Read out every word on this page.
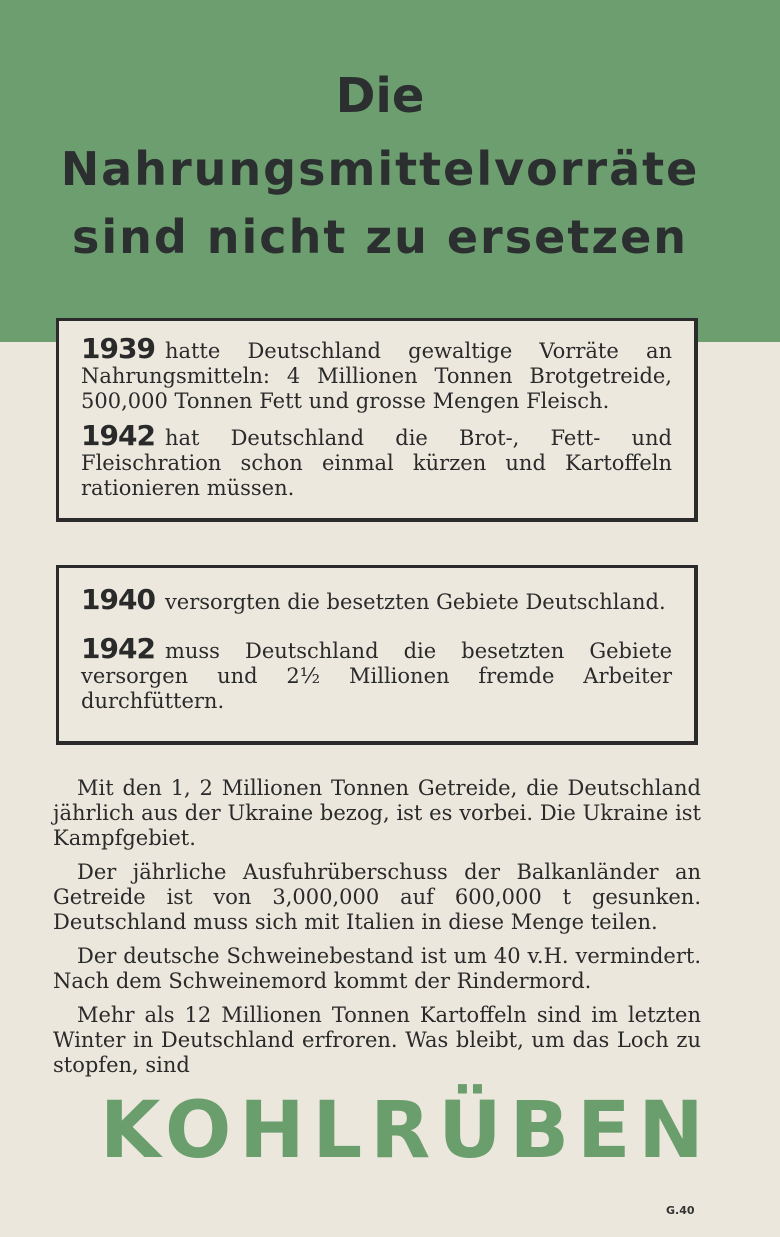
Die
Nahrungsmittelvorräte
sind nicht zu ersetzen

1939 hatte Deutschland gewaltige Vorräte an Nahrungsmitteln: 4 Millionen Tonnen Brotgetreide, 500,000 Tonnen Fett und grosse Mengen Fleisch.

1942 hat Deutschland die Brot-, Fett- und Fleischration schon einmal kürzen und Kartoffeln rationieren müssen.

1940 versorgten die besetzten Gebiete Deutschland.

1942 muss Deutschland die besetzten Gebiete versorgen und 2½ Millionen fremde Arbeiter durchfüttern.

Mit den 1, 2 Millionen Tonnen Getreide, die Deutschland jährlich aus der Ukraine bezog, ist es vorbei. Die Ukraine ist Kampfgebiet.

Der jährliche Ausfuhrüberschuss der Balkanländer an Getreide ist von 3,000,000 auf 600,000 t gesunken. Deutschland muss sich mit Italien in diese Menge teilen.

Der deutsche Schweinebestand ist um 40 v.H. vermindert. Nach dem Schweinemord kommt der Rindermord.

Mehr als 12 Millionen Tonnen Kartoffeln sind im letzten Winter in Deutschland erfroren. Was bleibt, um das Loch zu stopfen, sind

KOHLRÜBEN
G.40
